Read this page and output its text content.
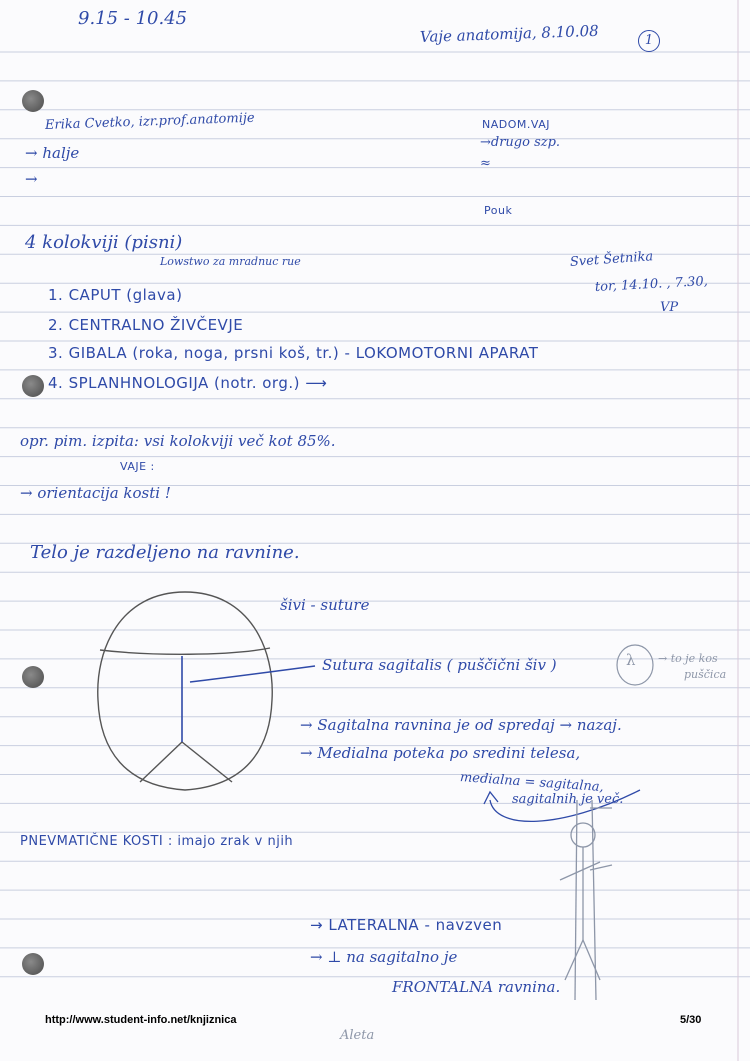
9.15 - 10.45
Vaje anatomija, 8.10.08	1
Erika Cvetko, izr.prof.anatomije
→ halje
→
NADOM.VAJ
→drugo szp.
≈
Pouk
Svet Šetnika
tor, 14.10. , 7.30,
VP
4 kolokviji (pisni)
Lowstwo za mradnuc rue
1. CAPUT (glava)
2. CENTRALNO ŽIVČEVJE
3. GIBALA (roka, noga, prsni koš, tr.) - LOKOMOTORNI APARAT
4. SPLANHNOLOGIJA (notr. org.) ⟶
opr. pim. izpita: vsi kolokviji več kot 85%.
VAJE :
→ orientacija kosti !
Telo je razdeljeno na ravnine.
šivi - suture
Sutura sagitalis ( puščični šiv )	λ → to je kos
puščica
→ Sagitalna ravnina je od spredaj → nazaj.
→ Medialna poteka po sredini telesa,
medialna = sagitalna,
sagitalnih je več.
PNEVMATIČNE KOSTI : imajo zrak v njih
→ LATERALNA - navzven
→ ⊥ na sagitalno je
FRONTALNA ravnina.
http://www.student-info.net/knjiznica
Aleta
5/30
